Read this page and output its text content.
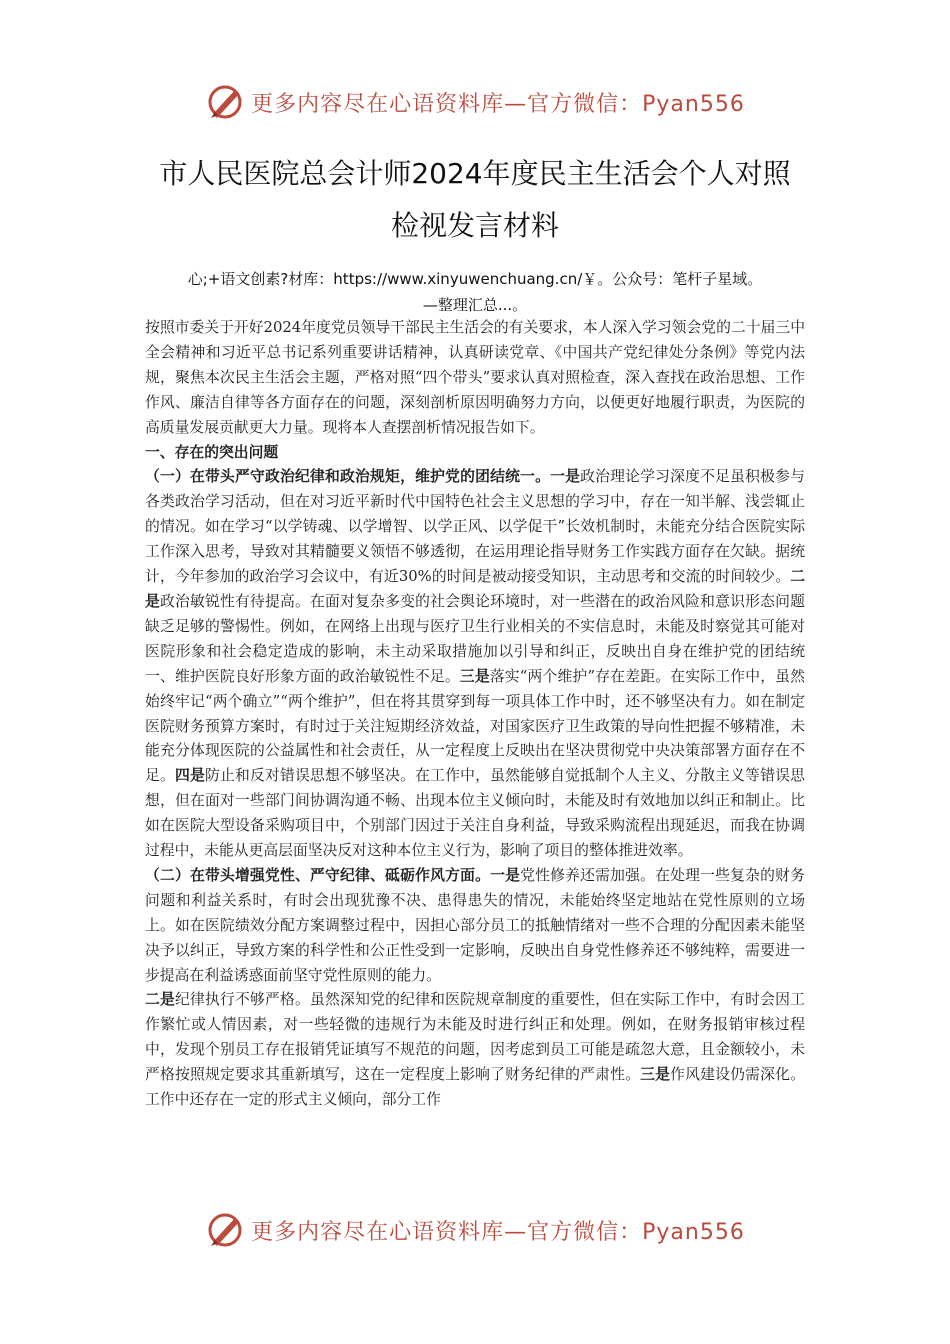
更多内容尽在心语资料库—官方微信：Pyan556
市人民医院总会计师2024年度民主生活会个人对照
检视发言材料
心;+语文创素?材库：https://www.xinyuwenchuang.cn/￥。公众号：笔杆子星域。
—整理汇总...。

按照市委关于开好2024年度党员领导干部民主生活会的有关要求，本人深入学习领会党的二十届三中全会精神和习近平总书记系列重要讲话精神，认真研读党章、《中国共产党纪律处分条例》等党内法规，聚焦本次民主生活会主题，严格对照“四个带头”要求认真对照检查，深入查找在政治思想、工作作风、廉洁自律等各方面存在的问题，深刻剖析原因明确努力方向，以便更好地履行职责，为医院的高质量发展贡献更大力量。现将本人查摆剖析情况报告如下。

一、存在的突出问题

（一）在带头严守政治纪律和政治规矩，维护党的团结统一。一是政治理论学习深度不足虽积极参与各类政治学习活动，但在对习近平新时代中国特色社会主义思想的学习中，存在一知半解、浅尝辄止的情况。如在学习“以学铸魂、以学增智、以学正风、以学促干”长效机制时，未能充分结合医院实际工作深入思考，导致对其精髓要义领悟不够透彻，在运用理论指导财务工作实践方面存在欠缺。据统计，今年参加的政治学习会议中，有近30%的时间是被动接受知识，主动思考和交流的时间较少。二是政治敏锐性有待提高。在面对复杂多变的社会舆论环境时，对一些潜在的政治风险和意识形态问题缺乏足够的警惕性。例如，在网络上出现与医疗卫生行业相关的不实信息时，未能及时察觉其可能对医院形象和社会稳定造成的影响，未主动采取措施加以引导和纠正，反映出自身在维护党的团结统一、维护医院良好形象方面的政治敏锐性不足。三是落实“两个维护”存在差距。在实际工作中，虽然始终牢记“两个确立”“两个维护”，但在将其贯穿到每一项具体工作中时，还不够坚决有力。如在制定医院财务预算方案时，有时过于关注短期经济效益，对国家医疗卫生政策的导向性把握不够精准，未能充分体现医院的公益属性和社会责任，从一定程度上反映出在坚决贯彻党中央决策部署方面存在不足。四是防止和反对错误思想不够坚决。在工作中，虽然能够自觉抵制个人主义、分散主义等错误思想，但在面对一些部门间协调沟通不畅、出现本位主义倾向时，未能及时有效地加以纠正和制止。比如在医院大型设备采购项目中，个别部门因过于关注自身利益，导致采购流程出现延迟，而我在协调过程中，未能从更高层面坚决反对这种本位主义行为，影响了项目的整体推进效率。

（二）在带头增强党性、严守纪律、砥砺作风方面。一是党性修养还需加强。在处理一些复杂的财务问题和利益关系时，有时会出现犹豫不决、患得患失的情况，未能始终坚定地站在党性原则的立场上。如在医院绩效分配方案调整过程中，因担心部分员工的抵触情绪对一些不合理的分配因素未能坚决予以纠正，导致方案的科学性和公正性受到一定影响，反映出自身党性修养还不够纯粹，需要进一步提高在利益诱惑面前坚守党性原则的能力。

二是纪律执行不够严格。虽然深知党的纪律和医院规章制度的重要性，但在实际工作中，有时会因工作繁忙或人情因素，对一些轻微的违规行为未能及时进行纠正和处理。例如，在财务报销审核过程中，发现个别员工存在报销凭证填写不规范的问题，因考虑到员工可能是疏忽大意，且金额较小，未严格按照规定要求其重新填写，这在一定程度上影响了财务纪律的严肃性。三是作风建设仍需深化。工作中还存在一定的形式主义倾向，部分工作

更多内容尽在心语资料库—官方微信：Pyan556
